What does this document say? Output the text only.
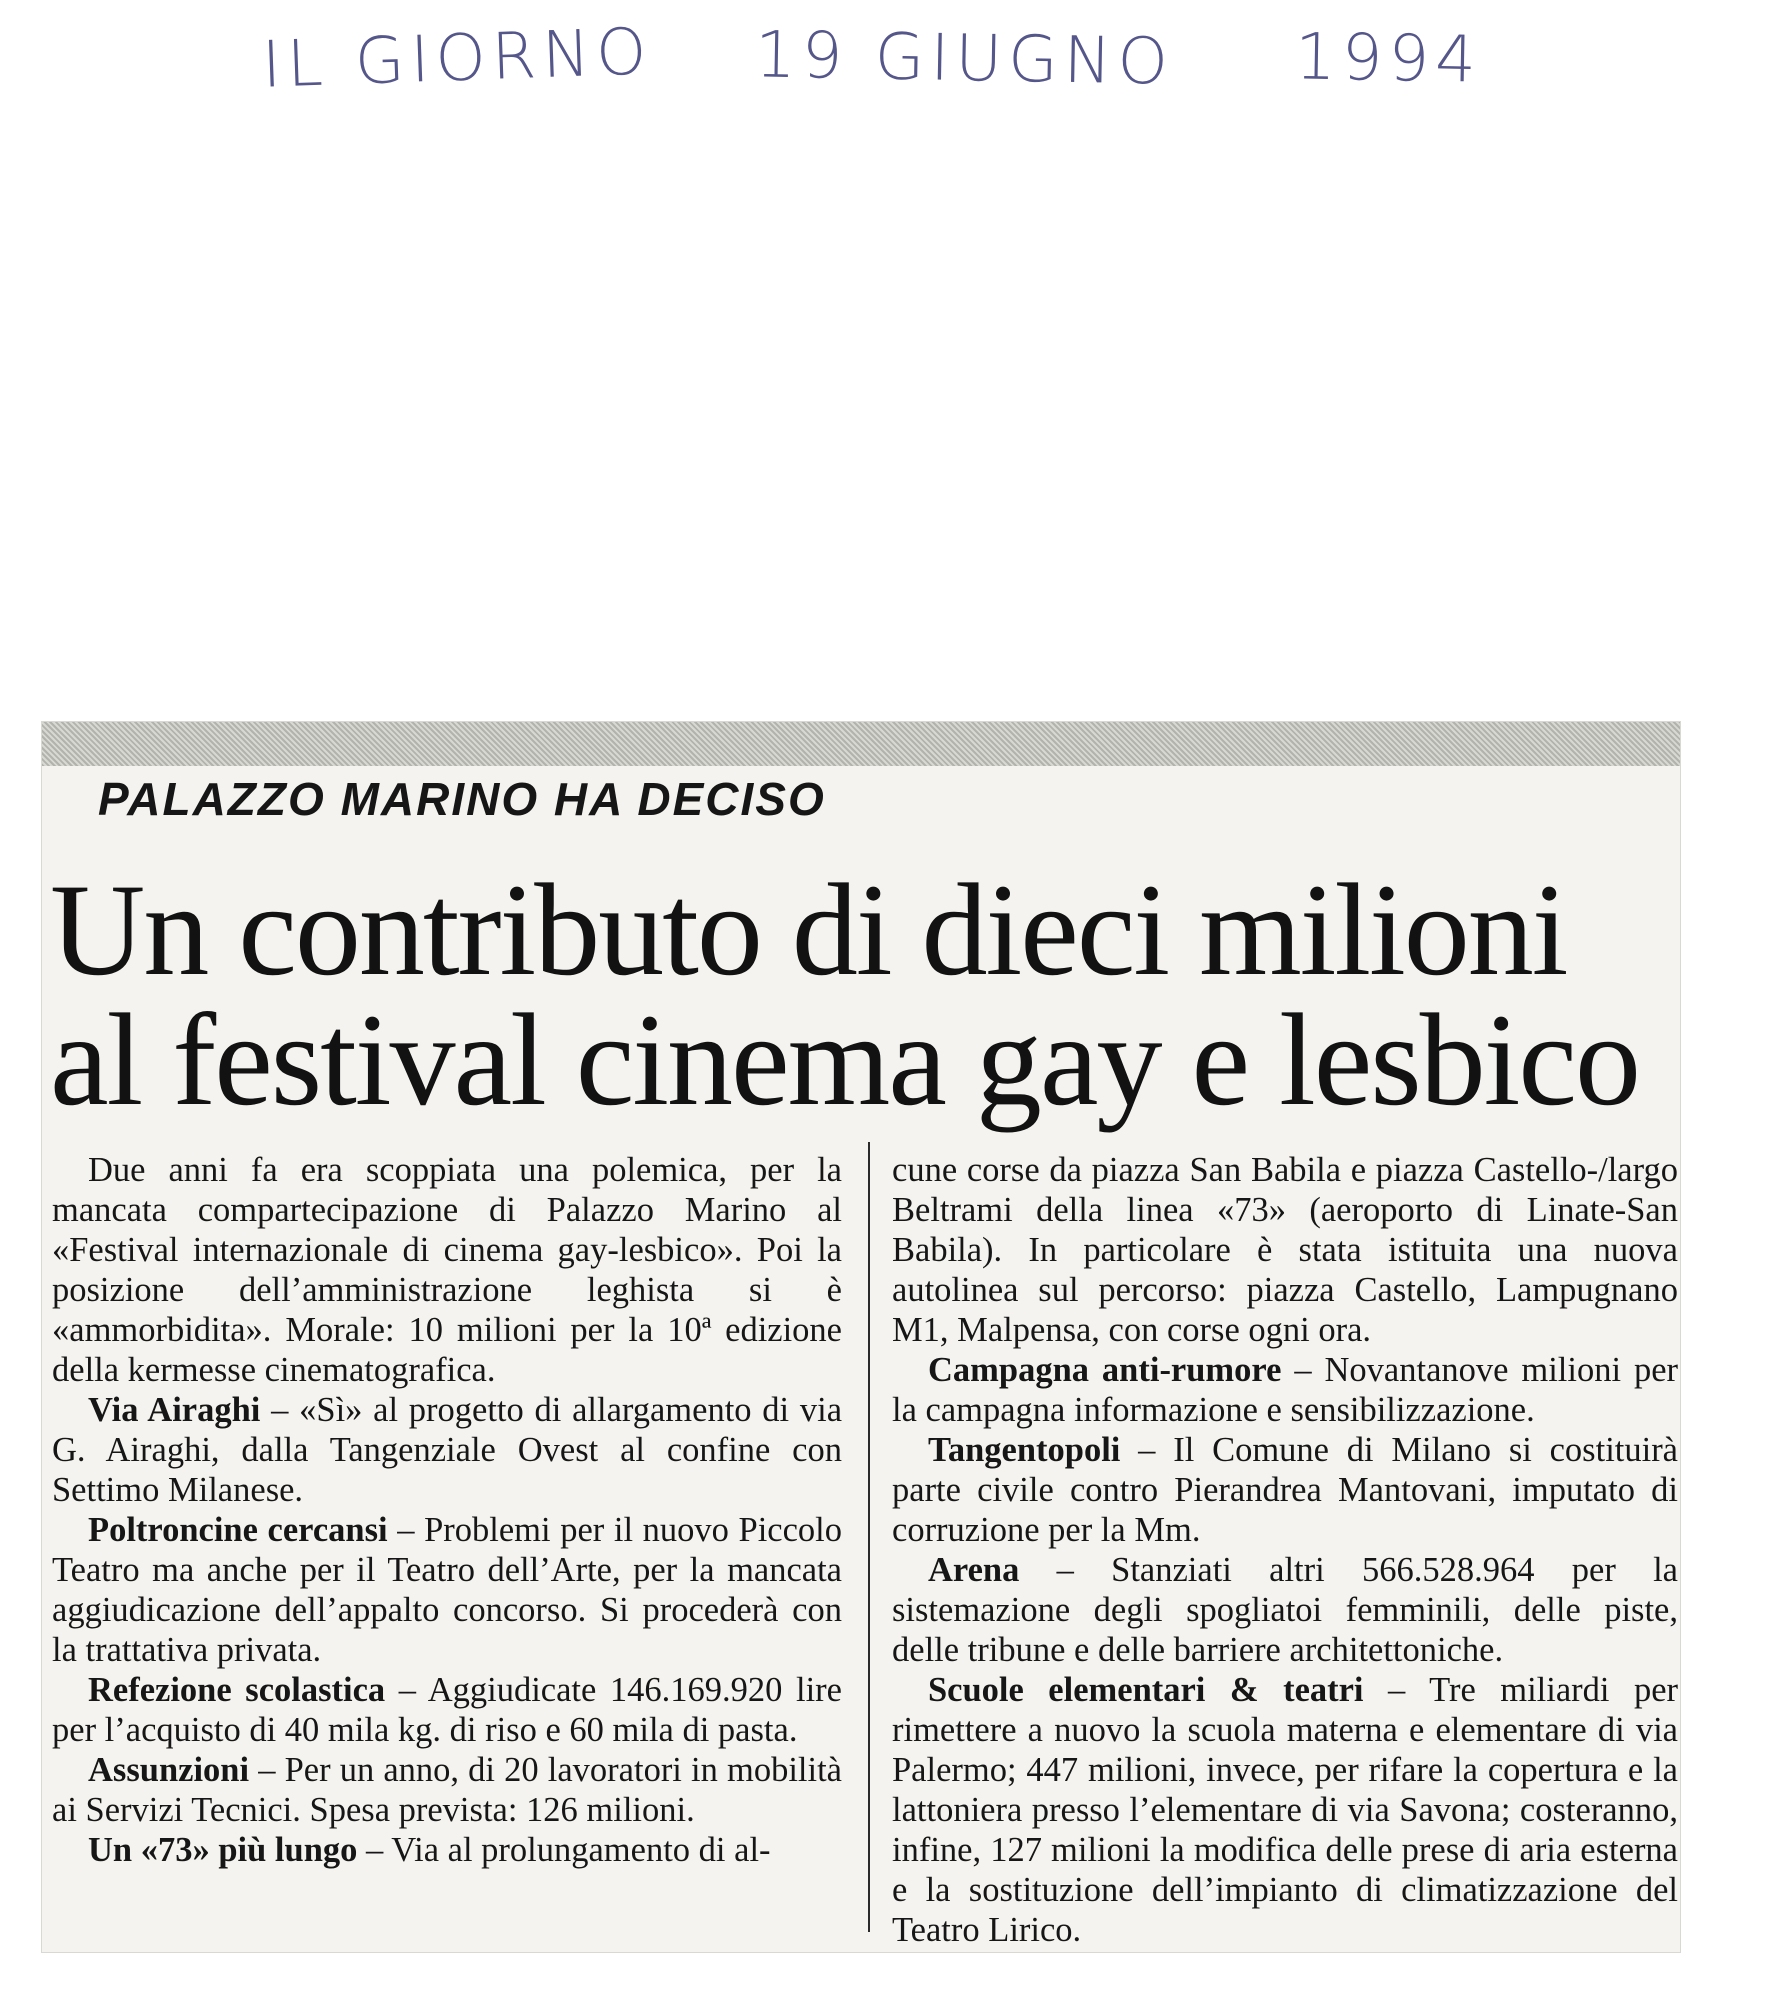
IL GIORNO 19 GIUGNO 1994
PALAZZO MARINO HA DECISO
Un contributo di dieci milioni
al festival cinema gay e lesbico

Due anni fa era scoppiata una polemica, per la mancata compartecipazione di Palazzo Marino al «Festival internazionale di cinema gay-lesbico». Poi la posizione dell’amministrazione leghista si è «ammorbidita». Morale: 10 milioni per la 10ª edizione della kermesse cinematografica.

Via Airaghi – «Sì» al progetto di allargamento di via G. Airaghi, dalla Tangenziale Ovest al confine con Settimo Milanese.

Poltroncine cercansi – Problemi per il nuovo Piccolo Teatro ma anche per il Teatro dell’Arte, per la mancata aggiudicazione dell’appalto concorso. Si procederà con la trattativa privata.

Refezione scolastica – Aggiudicate 146.169.920 lire per l’acquisto di 40 mila kg. di riso e 60 mila di pasta.

Assunzioni – Per un anno, di 20 lavoratori in mobilità ai Servizi Tecnici. Spesa prevista: 126 milioni.

Un «73» più lungo – Via al prolungamento di al-

cune corse da piazza San Babila e piazza Castello-/largo Beltrami della linea «73» (aeroporto di Linate-San Babila). In particolare è stata istituita una nuova autolinea sul percorso: piazza Castello, Lampugnano M1, Malpensa, con corse ogni ora.

Campagna anti-rumore – Novantanove milioni per la campagna informazione e sensibilizzazione.

Tangentopoli – Il Comune di Milano si costituirà parte civile contro Pierandrea Mantovani, imputato di corruzione per la Mm.

Arena – Stanziati altri 566.528.964 per la sistemazione degli spogliatoi femminili, delle piste, delle tribune e delle barriere architettoniche.

Scuole elementari & teatri – Tre miliardi per rimettere a nuovo la scuola materna e elementare di via Palermo; 447 milioni, invece, per rifare la copertura e la lattoniera presso l’elementare di via Savona; costeranno, infine, 127 milioni la modifica delle prese di aria esterna e la sostituzione dell’impianto di climatizzazione del Teatro Lirico.
